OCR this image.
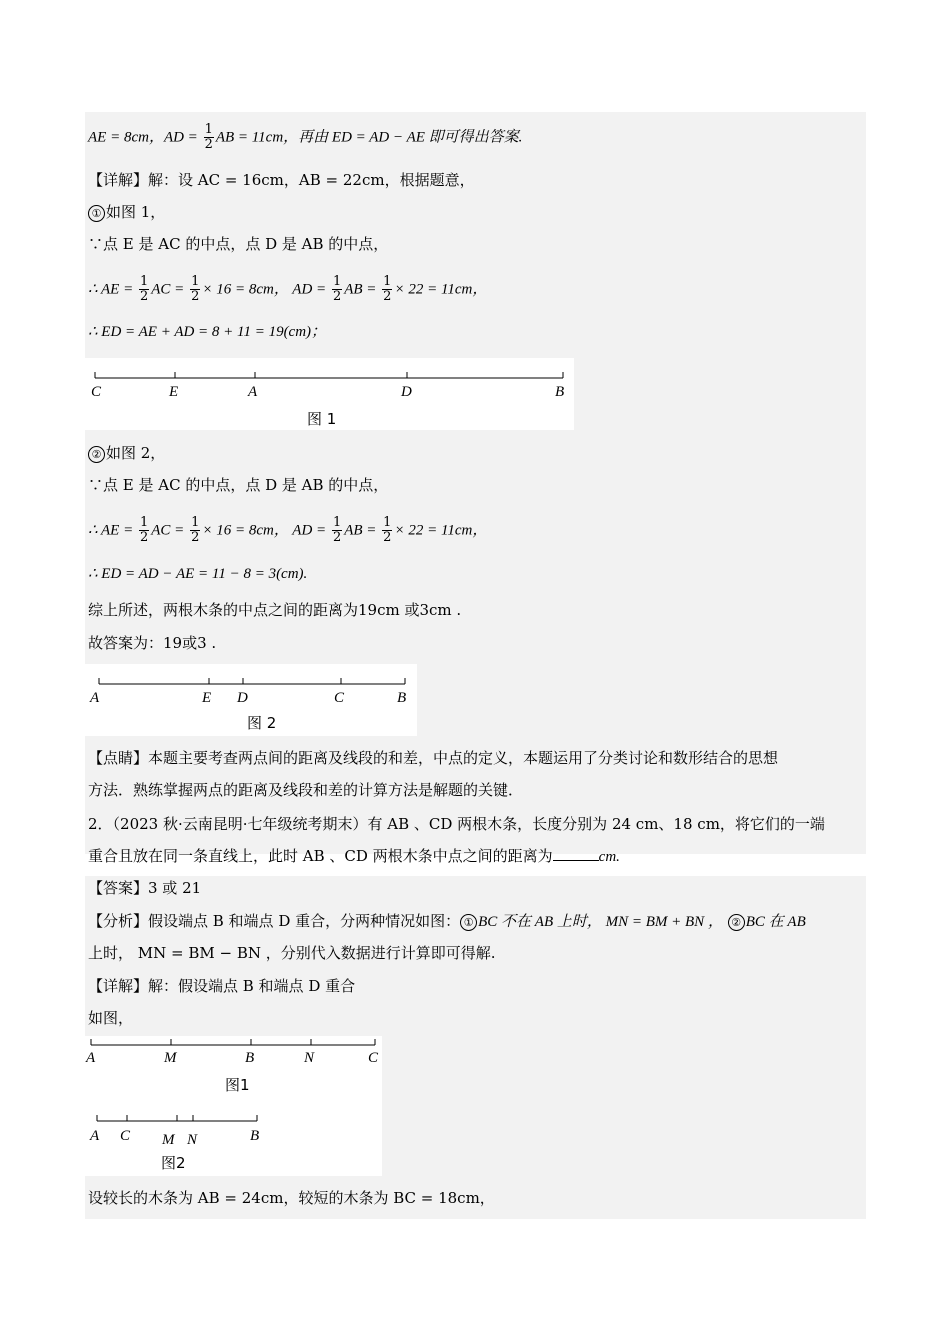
AE = 8cm，AD = $\frac{1}{2}$ AB = 11cm，再由 ED = AD − AE 即可得出答案.
【详解】解：设 AC = 16cm，AB = 22cm，根据题意，
① 如图 1，
∵点 E 是 AC 的中点，点 D 是 AB 的中点，
∴ AE = $\frac{1}{2}$ AC = $\frac{1}{2} \times 16 = 8cm$， AD = $\frac{1}{2}$ AB = $\frac{1}{2} \times 22 = 11cm$，
∴ ED = AE + AD = 8 + 11 = 19(cm)；
C	E	A	D	B
图 1
② 如图 2，
∵点 E 是 AC 的中点，点 D 是 AB 的中点，
∴ AE = $\frac{1}{2}$ AC = $\frac{1}{2} \times 16 = 8cm$， AD = $\frac{1}{2}$ AB = $\frac{1}{2} \times 22 = 11cm$，
∴ ED = AD − AE = 11 − 8 = 3(cm).
综上所述，两根木条的中点之间的距离为19cm 或3cm .
故答案为：19或3 .
A	E D	C	B
图 2
【点睛】本题主要考查两点间的距离及线段的和差，中点的定义，本题运用了分类讨论和数形结合的思想
方法．熟练掌握两点的距离及线段和差的计算方法是解题的关键．
2．（2023 秋·云南昆明·七年级统考期末）有 AB 、CD 两根木条，长度分别为 24 cm、18 cm，将它们的一端
重合且放在同一条直线上，此时 AB 、CD 两根木条中点之间的距离为	cm.
【答案】3 或 21
【分析】假设端点 B 和端点 D 重合，分两种情况如图： ① BC 不在 AB 上时， MN = BM + BN ， ② BC 在 AB
上时， MN = BM − BN ，分别代入数据进行计算即可得解.
【详解】解：假设端点 B 和端点 D 重合
如图，
A	M	B	N	C
图1
A C M N	B
图2
设较长的木条为 AB = 24cm，较短的木条为 BC = 18cm，
